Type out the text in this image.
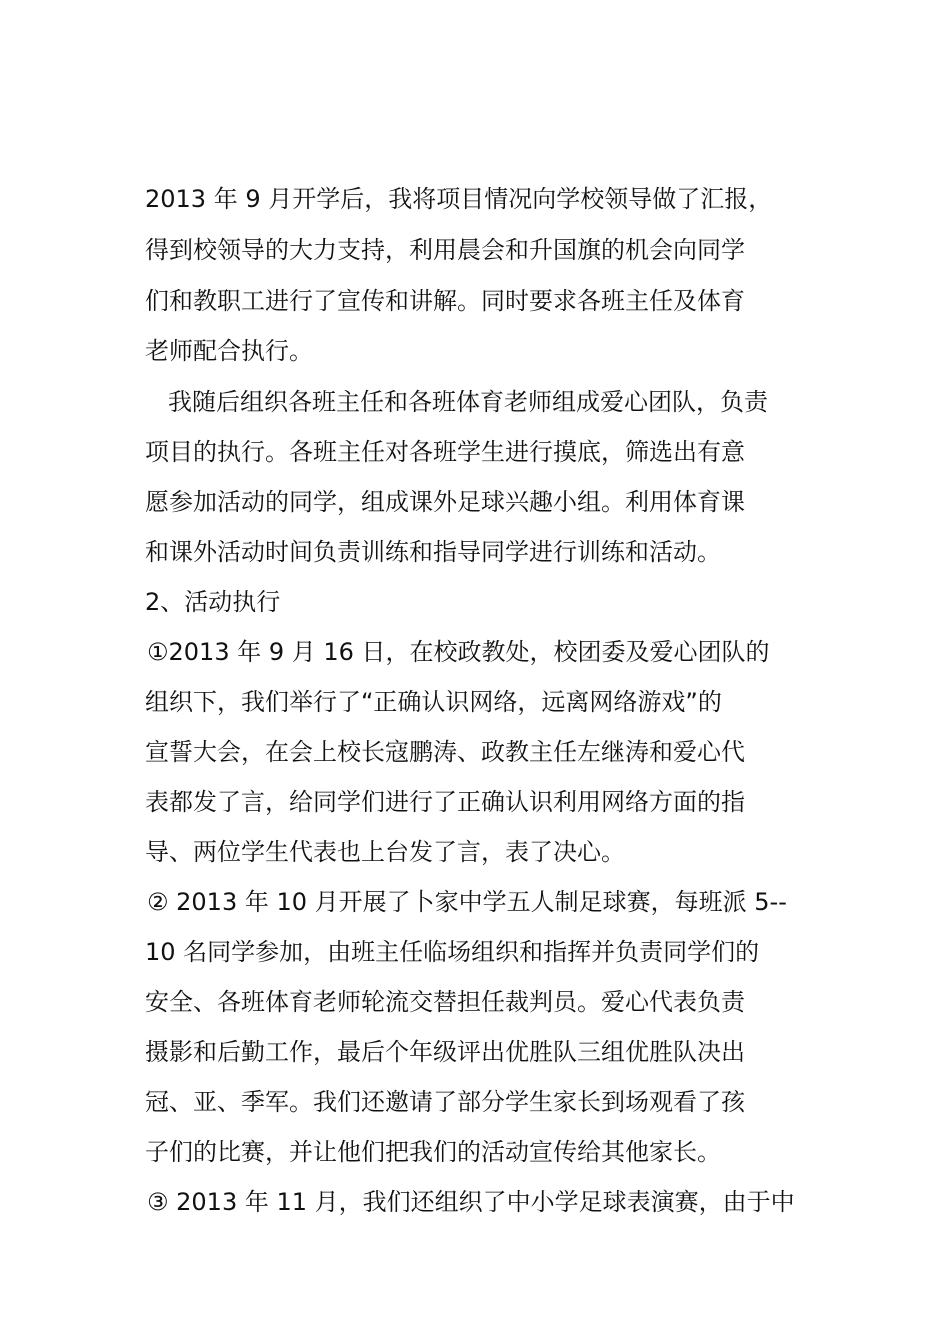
2013 年 9 月开学后，我将项目情况向学校领导做了汇报，
得到校领导的大力支持，利用晨会和升国旗的机会向同学
们和教职工进行了宣传和讲解。同时要求各班主任及体育
老师配合执行。
我随后组织各班主任和各班体育老师组成爱心团队，负责
项目的执行。各班主任对各班学生进行摸底，筛选出有意
愿参加活动的同学，组成课外足球兴趣小组。利用体育课
和课外活动时间负责训练和指导同学进行训练和活动。
2、活动执行
①2013 年 9 月 16 日，在校政教处，校团委及爱心团队的
组织下，我们举行了“正确认识网络，远离网络游戏”的
宣誓大会，在会上校长寇鹏涛、政教主任左继涛和爱心代
表都发了言，给同学们进行了正确认识利用网络方面的指
导、两位学生代表也上台发了言，表了决心。
② 2013 年 10 月开展了卜家中学五人制足球赛，每班派 5--
10 名同学参加，由班主任临场组织和指挥并负责同学们的
安全、各班体育老师轮流交替担任裁判员。爱心代表负责
摄影和后勤工作，最后个年级评出优胜队三组优胜队决出
冠、亚、季军。我们还邀请了部分学生家长到场观看了孩
子们的比赛，并让他们把我们的活动宣传给其他家长。
③ 2013 年 11 月，我们还组织了中小学足球表演赛，由于中
